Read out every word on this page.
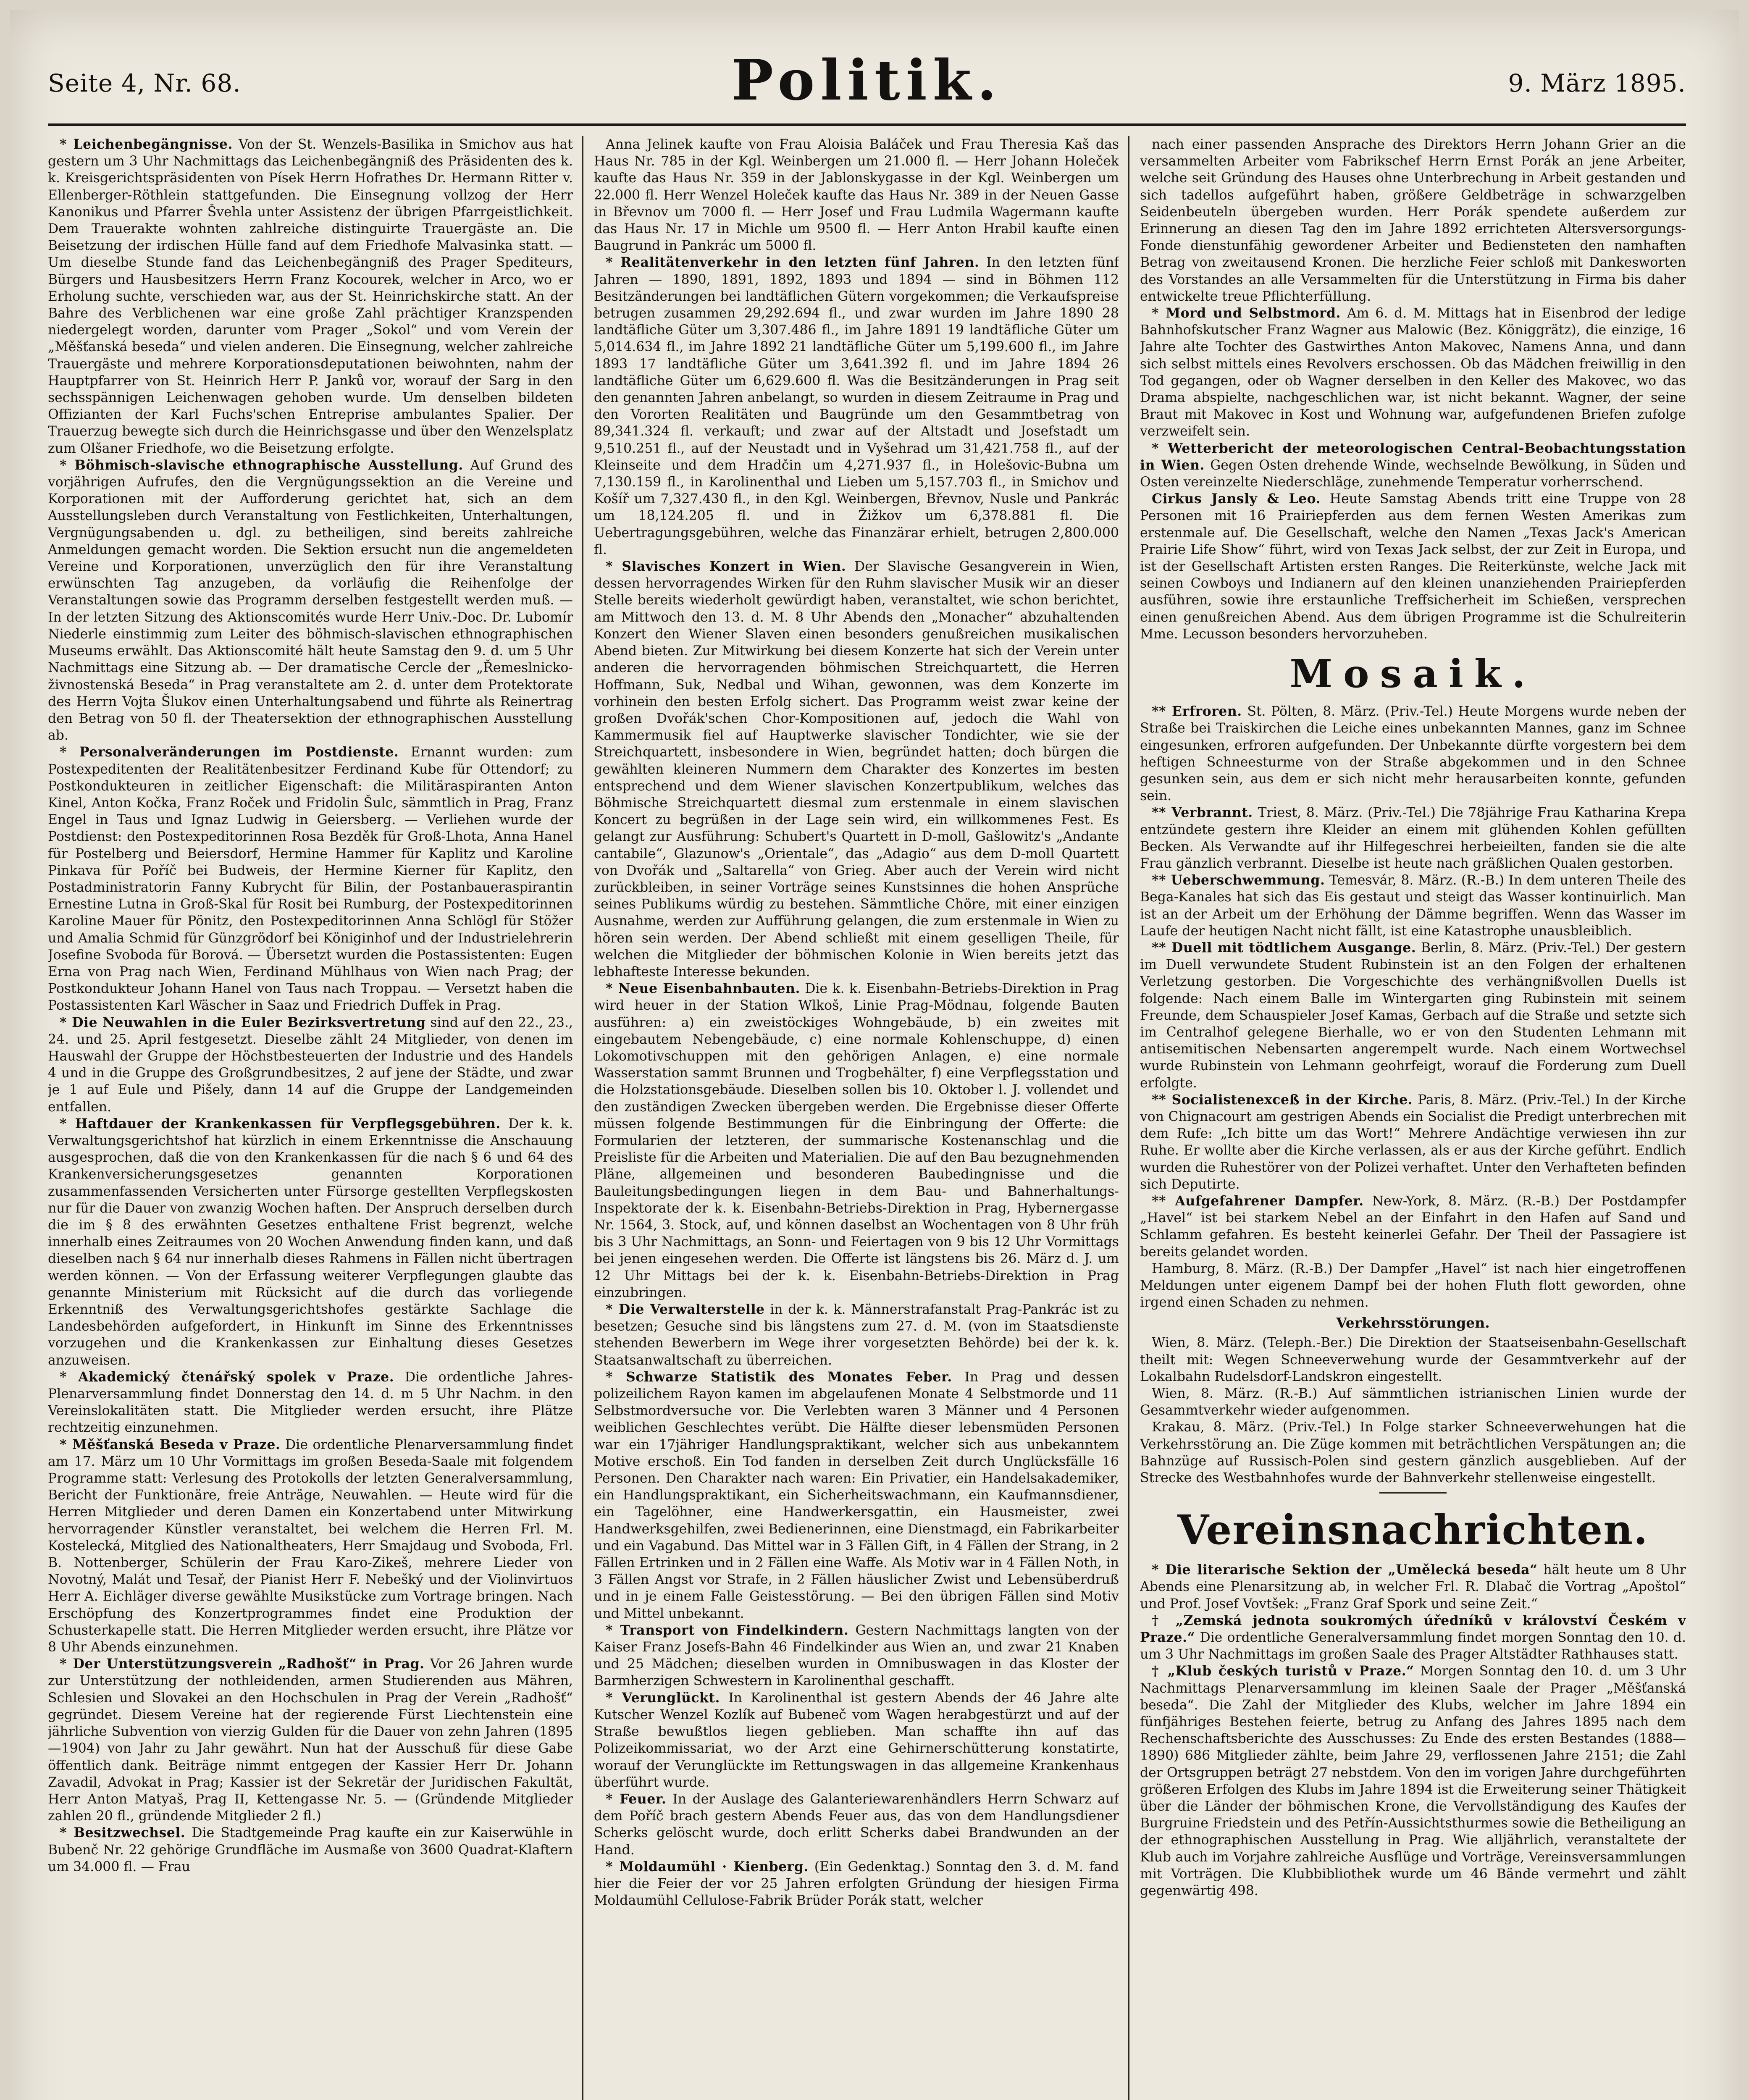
Seite 4, Nr. 68.	Politik.	9. März 1895.

* Leichenbegängnisse. Von der St. Wenzels-Basilika in Smichov aus hat gestern um 3 Uhr Nachmittags das Leichenbegängniß des Präsidenten des k. k. Kreisgerichtspräsidenten von Písek Herrn Hofrathes Dr. Hermann Ritter v. Ellenberger-Röthlein stattgefunden. Die Einsegnung vollzog der Herr Kanonikus und Pfarrer Švehla unter Assistenz der übrigen Pfarrgeistlichkeit. Dem Trauerakte wohnten zahlreiche distinguirte Trauergäste an. Die Beisetzung der irdischen Hülle fand auf dem Friedhofe Malvasinka statt. — Um dieselbe Stunde fand das Leichenbegängniß des Prager Spediteurs, Bürgers und Hausbesitzers Herrn Franz Kocourek, welcher in Arco, wo er Erholung suchte, verschieden war, aus der St. Heinrichskirche statt. An der Bahre des Verblichenen war eine große Zahl prächtiger Kranzspenden niedergelegt worden, darunter vom Prager „Sokol“ und vom Verein der „Měšťanská beseda“ und vielen anderen. Die Einsegnung, welcher zahlreiche Trauergäste und mehrere Korporationsdeputationen beiwohnten, nahm der Hauptpfarrer von St. Heinrich Herr P. Janků vor, worauf der Sarg in den sechsspännigen Leichenwagen gehoben wurde. Um denselben bildeten Offizianten der Karl Fuchs'schen Entreprise ambulantes Spalier. Der Trauerzug bewegte sich durch die Heinrichsgasse und über den Wenzelsplatz zum Olšaner Friedhofe, wo die Beisetzung erfolgte.

* Böhmisch-slavische ethnographische Ausstellung. Auf Grund des vorjährigen Aufrufes, den die Vergnügungssektion an die Vereine und Korporationen mit der Aufforderung gerichtet hat, sich an dem Ausstellungsleben durch Veranstaltung von Festlichkeiten, Unterhaltungen, Vergnügungsabenden u. dgl. zu betheiligen, sind bereits zahlreiche Anmeldungen gemacht worden. Die Sektion ersucht nun die angemeldeten Vereine und Korporationen, unverzüglich den für ihre Veranstaltung erwünschten Tag anzugeben, da vorläufig die Reihenfolge der Veranstaltungen sowie das Programm derselben festgestellt werden muß. — In der letzten Sitzung des Aktionscomités wurde Herr Univ.-Doc. Dr. Lubomír Niederle einstimmig zum Leiter des böhmisch-slavischen ethnographischen Museums erwählt. Das Aktionscomité hält heute Samstag den 9. d. um 5 Uhr Nachmittags eine Sitzung ab. — Der dramatische Cercle der „Řemeslnicko-živnostenská Beseda“ in Prag veranstaltete am 2. d. unter dem Protektorate des Herrn Vojta Šlukov einen Unterhaltungsabend und führte als Reinertrag den Betrag von 50 fl. der Theatersektion der ethnographischen Ausstellung ab.

* Personalveränderungen im Postdienste. Ernannt wurden: zum Postexpeditenten der Realitätenbesitzer Ferdinand Kube für Ottendorf; zu Postkondukteuren in zeitlicher Eigenschaft: die Militäraspiranten Anton Kinel, Anton Kočka, Franz Roček und Fridolin Šulc, sämmtlich in Prag, Franz Engel in Taus und Ignaz Ludwig in Geiersberg. — Verliehen wurde der Postdienst: den Postexpeditorinnen Rosa Bezděk für Groß-Lhota, Anna Hanel für Postelberg und Beiersdorf, Hermine Hammer für Kaplitz und Karoline Pinkava für Poříč bei Budweis, der Hermine Kierner für Kaplitz, den Postadministratorin Fanny Kubrycht für Bilin, der Postanbaueraspirantin Ernestine Lutna in Groß-Skal für Rosit bei Rumburg, der Postexpeditorinnen Karoline Mauer für Pönitz, den Postexpeditorinnen Anna Schlögl für Stöžer und Amalia Schmid für Günzgrödorf bei Königinhof und der Industrielehrerin Josefine Svoboda für Borová. — Übersetzt wurden die Postassistenten: Eugen Erna von Prag nach Wien, Ferdinand Mühlhaus von Wien nach Prag; der Postkondukteur Johann Hanel von Taus nach Troppau. — Versetzt haben die Postassistenten Karl Wäscher in Saaz und Friedrich Duffek in Prag.

* Die Neuwahlen in die Euler Bezirksvertretung sind auf den 22., 23., 24. und 25. April festgesetzt. Dieselbe zählt 24 Mitglieder, von denen im Hauswahl der Gruppe der Höchstbesteuerten der Industrie und des Handels 4 und in die Gruppe des Großgrundbesitzes, 2 auf jene der Städte, und zwar je 1 auf Eule und Pišely, dann 14 auf die Gruppe der Landgemeinden entfallen.

* Haftdauer der Krankenkassen für Verpflegsgebühren. Der k. k. Verwaltungsgerichtshof hat kürzlich in einem Erkenntnisse die Anschauung ausgesprochen, daß die von den Krankenkassen für die nach § 6 und 64 des Krankenversicherungsgesetzes genannten Korporationen zusammenfassenden Versicherten unter Fürsorge gestellten Verpflegskosten nur für die Dauer von zwanzig Wochen haften. Der Anspruch derselben durch die im § 8 des erwähnten Gesetzes enthaltene Frist begrenzt, welche innerhalb eines Zeitraumes von 20 Wochen Anwendung finden kann, und daß dieselben nach § 64 nur innerhalb dieses Rahmens in Fällen nicht übertragen werden können. — Von der Erfassung weiterer Verpflegungen glaubte das genannte Ministerium mit Rücksicht auf die durch das vorliegende Erkenntniß des Verwaltungsgerichtshofes gestärkte Sachlage die Landesbehörden aufgefordert, in Hinkunft im Sinne des Erkenntnisses vorzugehen und die Krankenkassen zur Einhaltung dieses Gesetzes anzuweisen.

* Akademický čtenářský spolek v Praze. Die ordentliche Jahres-Plenarversammlung findet Donnerstag den 14. d. m 5 Uhr Nachm. in den Vereinslokalitäten statt. Die Mitglieder werden ersucht, ihre Plätze rechtzeitig einzunehmen.

* Měšťanská Beseda v Praze. Die ordentliche Plenarversammlung findet am 17. März um 10 Uhr Vormittags im großen Beseda-Saale mit folgendem Programme statt: Verlesung des Protokolls der letzten Generalversammlung, Bericht der Funktionäre, freie Anträge, Neuwahlen. — Heute wird für die Herren Mitglieder und deren Damen ein Konzertabend unter Mitwirkung hervorragender Künstler veranstaltet, bei welchem die Herren Frl. M. Kostelecká, Mitglied des Nationaltheaters, Herr Smajdaug und Svoboda, Frl. B. Nottenberger, Schülerin der Frau Karo-Zikeš, mehrere Lieder von Novotný, Malát und Tesař, der Pianist Herr F. Nebešký und der Violinvirtuos Herr A. Eichläger diverse gewählte Musikstücke zum Vortrage bringen. Nach Erschöpfung des Konzertprogrammes findet eine Produktion der Schusterkapelle statt. Die Herren Mitglieder werden ersucht, ihre Plätze vor 8 Uhr Abends einzunehmen.

* Der Unterstützungsverein „Radhošť“ in Prag. Vor 26 Jahren wurde zur Unterstützung der nothleidenden, armen Studierenden aus Mähren, Schlesien und Slovakei an den Hochschulen in Prag der Verein „Radhošť“ gegründet. Diesem Vereine hat der regierende Fürst Liechtenstein eine jährliche Subvention von vierzig Gulden für die Dauer von zehn Jahren (1895—1904) von Jahr zu Jahr gewährt. Nun hat der Ausschuß für diese Gabe öffentlich dank. Beiträge nimmt entgegen der Kassier Herr Dr. Johann Zavadil, Advokat in Prag; Kassier ist der Sekretär der Juridischen Fakultät, Herr Anton Matyaš, Prag II, Kettengasse Nr. 5. — (Gründende Mitglieder zahlen 20 fl., gründende Mitglieder 2 fl.)

* Besitzwechsel. Die Stadtgemeinde Prag kaufte ein zur Kaiserwühle in Bubenč Nr. 22 gehörige Grundfläche im Ausmaße von 3600 Quadrat-Klaftern um 34.000 fl. — Frau

Anna Jelinek kaufte von Frau Aloisia Baláček und Frau Theresia Kaš das Haus Nr. 785 in der Kgl. Weinbergen um 21.000 fl. — Herr Johann Holeček kaufte das Haus Nr. 359 in der Jablonskygasse in der Kgl. Weinbergen um 22.000 fl. Herr Wenzel Holeček kaufte das Haus Nr. 389 in der Neuen Gasse in Břevnov um 7000 fl. — Herr Josef und Frau Ludmila Wagermann kaufte das Haus Nr. 17 in Michle um 9500 fl. — Herr Anton Hrabil kaufte einen Baugrund in Pankrác um 5000 fl.

* Realitätenverkehr in den letzten fünf Jahren. In den letzten fünf Jahren — 1890, 1891, 1892, 1893 und 1894 — sind in Böhmen 112 Besitzänderungen bei landtäflichen Gütern vorgekommen; die Verkaufspreise betrugen zusammen 29,292.694 fl., und zwar wurden im Jahre 1890 28 landtäfliche Güter um 3,307.486 fl., im Jahre 1891 19 landtäfliche Güter um 5,014.634 fl., im Jahre 1892 21 landtäfliche Güter um 5,199.600 fl., im Jahre 1893 17 landtäfliche Güter um 3,641.392 fl. und im Jahre 1894 26 landtäfliche Güter um 6,629.600 fl. Was die Besitzänderungen in Prag seit den genannten Jahren anbelangt, so wurden in diesem Zeitraume in Prag und den Vororten Realitäten und Baugründe um den Gesammtbetrag von 89,341.324 fl. verkauft; und zwar auf der Altstadt und Josefstadt um 9,510.251 fl., auf der Neustadt und in Vyšehrad um 31,421.758 fl., auf der Kleinseite und dem Hradčin um 4,271.937 fl., in Holešovic-Bubna um 7,130.159 fl., in Karolinenthal und Lieben um 5,157.703 fl., in Smichov und Košíř um 7,327.430 fl., in den Kgl. Weinbergen, Břevnov, Nusle und Pankrác um 18,124.205 fl. und in Žižkov um 6,378.881 fl. Die Uebertragungsgebühren, welche das Finanzärar erhielt, betrugen 2,800.000 fl.

* Slavisches Konzert in Wien. Der Slavische Gesangverein in Wien, dessen hervorragendes Wirken für den Ruhm slavischer Musik wir an dieser Stelle bereits wiederholt gewürdigt haben, veranstaltet, wie schon berichtet, am Mittwoch den 13. d. M. 8 Uhr Abends den „Monacher“ abzuhaltenden Konzert den Wiener Slaven einen besonders genußreichen musikalischen Abend bieten. Zur Mitwirkung bei diesem Konzerte hat sich der Verein unter anderen die hervorragenden böhmischen Streichquartett, die Herren Hoffmann, Suk, Nedbal und Wihan, gewonnen, was dem Konzerte im vorhinein den besten Erfolg sichert. Das Programm weist zwar keine der großen Dvořák'schen Chor-Kompositionen auf, jedoch die Wahl von Kammermusik fiel auf Hauptwerke slavischer Tondichter, wie sie der Streichquartett, insbesondere in Wien, begründet hatten; doch bürgen die gewählten kleineren Nummern dem Charakter des Konzertes im besten entsprechend und dem Wiener slavischen Konzertpublikum, welches das Böhmische Streichquartett diesmal zum erstenmale in einem slavischen Koncert zu begrüßen in der Lage sein wird, ein willkommenes Fest. Es gelangt zur Ausführung: Schubert's Quartett in D-moll, Gašlowitz's „Andante cantabile“, Glazunow's „Orientale“, das „Adagio“ aus dem D-moll Quartett von Dvořák und „Saltarella“ von Grieg. Aber auch der Verein wird nicht zurückbleiben, in seiner Vorträge seines Kunstsinnes die hohen Ansprüche seines Publikums würdig zu bestehen. Sämmtliche Chöre, mit einer einzigen Ausnahme, werden zur Aufführung gelangen, die zum erstenmale in Wien zu hören sein werden. Der Abend schließt mit einem geselligen Theile, für welchen die Mitglieder der böhmischen Kolonie in Wien bereits jetzt das lebhafteste Interesse bekunden.

* Neue Eisenbahnbauten. Die k. k. Eisenbahn-Betriebs-Direktion in Prag wird heuer in der Station Wlkoš, Linie Prag-Mödnau, folgende Bauten ausführen: a) ein zweistöckiges Wohngebäude, b) ein zweites mit eingebautem Nebengebäude, c) eine normale Kohlenschuppe, d) einen Lokomotivschuppen mit den gehörigen Anlagen, e) eine normale Wasserstation sammt Brunnen und Trogbehälter, f) eine Verpflegsstation und die Holzstationsgebäude. Dieselben sollen bis 10. Oktober l. J. vollendet und den zuständigen Zwecken übergeben werden. Die Ergebnisse dieser Offerte müssen folgende Bestimmungen für die Einbringung der Offerte: die Formularien der letzteren, der summarische Kostenanschlag und die Preisliste für die Arbeiten und Materialien. Die auf den Bau bezugnehmenden Pläne, allgemeinen und besonderen Baubedingnisse und die Bauleitungsbedingungen liegen in dem Bau- und Bahnerhaltungs-Inspektorate der k. k. Eisenbahn-Betriebs-Direktion in Prag, Hybernergasse Nr. 1564, 3. Stock, auf, und können daselbst an Wochentagen von 8 Uhr früh bis 3 Uhr Nachmittags, an Sonn- und Feiertagen von 9 bis 12 Uhr Vormittags bei jenen eingesehen werden. Die Offerte ist längstens bis 26. März d. J. um 12 Uhr Mittags bei der k. k. Eisenbahn-Betriebs-Direktion in Prag einzubringen.

* Die Verwalterstelle in der k. k. Männerstrafanstalt Prag-Pankrác ist zu besetzen; Gesuche sind bis längstens zum 27. d. M. (von im Staatsdienste stehenden Bewerbern im Wege ihrer vorgesetzten Behörde) bei der k. k. Staatsanwaltschaft zu überreichen.

* Schwarze Statistik des Monates Feber. In Prag und dessen polizeilichem Rayon kamen im abgelaufenen Monate 4 Selbstmorde und 11 Selbstmordversuche vor. Die Verlebten waren 3 Männer und 4 Personen weiblichen Geschlechtes verübt. Die Hälfte dieser lebensmüden Personen war ein 17jähriger Handlungspraktikant, welcher sich aus unbekanntem Motive erschoß. Ein Tod fanden in derselben Zeit durch Unglücksfälle 16 Personen. Den Charakter nach waren: Ein Privatier, ein Handelsakademiker, ein Handlungspraktikant, ein Sicherheitswachmann, ein Kaufmannsdiener, ein Tagelöhner, eine Handwerkersgattin, ein Hausmeister, zwei Handwerksgehilfen, zwei Bedienerinnen, eine Dienstmagd, ein Fabrikarbeiter und ein Vagabund. Das Mittel war in 3 Fällen Gift, in 4 Fällen der Strang, in 2 Fällen Ertrinken und in 2 Fällen eine Waffe. Als Motiv war in 4 Fällen Noth, in 3 Fällen Angst vor Strafe, in 2 Fällen häuslicher Zwist und Lebensüberdruß und in je einem Falle Geistesstörung. — Bei den übrigen Fällen sind Motiv und Mittel unbekannt.

* Transport von Findelkindern. Gestern Nachmittags langten von der Kaiser Franz Josefs-Bahn 46 Findelkinder aus Wien an, und zwar 21 Knaben und 25 Mädchen; dieselben wurden in Omnibuswagen in das Kloster der Barmherzigen Schwestern in Karolinenthal geschafft.

* Verunglückt. In Karolinenthal ist gestern Abends der 46 Jahre alte Kutscher Wenzel Kozlík auf Bubeneč vom Wagen herabgestürzt und auf der Straße bewußtlos liegen geblieben. Man schaffte ihn auf das Polizeikommissariat, wo der Arzt eine Gehirnerschütterung konstatirte, worauf der Verunglückte im Rettungswagen in das allgemeine Krankenhaus überführt wurde.

* Feuer. In der Auslage des Galanteriewarenhändlers Herrn Schwarz auf dem Poříč brach gestern Abends Feuer aus, das von dem Handlungsdiener Scherks gelöscht wurde, doch erlitt Scherks dabei Brandwunden an der Hand.

* Moldaumühl · Kienberg. (Ein Gedenktag.) Sonntag den 3. d. M. fand hier die Feier der vor 25 Jahren erfolgten Gründung der hiesigen Firma Moldaumühl Cellulose-Fabrik Brüder Porák statt, welcher

nach einer passenden Ansprache des Direktors Herrn Johann Grier an die versammelten Arbeiter vom Fabrikschef Herrn Ernst Porák an jene Arbeiter, welche seit Gründung des Hauses ohne Unterbrechung in Arbeit gestanden und sich tadellos aufgeführt haben, größere Geldbeträge in schwarzgelben Seidenbeuteln übergeben wurden. Herr Porák spendete außerdem zur Erinnerung an diesen Tag den im Jahre 1892 errichteten Altersversorgungs-Fonde dienstunfähig gewordener Arbeiter und Bediensteten den namhaften Betrag von zweitausend Kronen. Die herzliche Feier schloß mit Dankesworten des Vorstandes an alle Versammelten für die Unterstützung in Firma bis daher entwickelte treue Pflichterfüllung.

* Mord und Selbstmord. Am 6. d. M. Mittags hat in Eisenbrod der ledige Bahnhofskutscher Franz Wagner aus Malowic (Bez. Königgrätz), die einzige, 16 Jahre alte Tochter des Gastwirthes Anton Makovec, Namens Anna, und dann sich selbst mittels eines Revolvers erschossen. Ob das Mädchen freiwillig in den Tod gegangen, oder ob Wagner derselben in den Keller des Makovec, wo das Drama abspielte, nachgeschlichen war, ist nicht bekannt. Wagner, der seine Braut mit Makovec in Kost und Wohnung war, aufgefundenen Briefen zufolge verzweifelt sein.

* Wetterbericht der meteorologischen Central-Beobachtungsstation in Wien. Gegen Osten drehende Winde, wechselnde Bewölkung, in Süden und Osten vereinzelte Niederschläge, zunehmende Temperatur vorherrschend.

Cirkus Jansly & Leo. Heute Samstag Abends tritt eine Truppe von 28 Personen mit 16 Prairiepferden aus dem fernen Westen Amerikas zum erstenmale auf. Die Gesellschaft, welche den Namen „Texas Jack's American Prairie Life Show“ führt, wird von Texas Jack selbst, der zur Zeit in Europa, und ist der Gesellschaft Artisten ersten Ranges. Die Reiterkünste, welche Jack mit seinen Cowboys und Indianern auf den kleinen unanziehenden Prairiepferden ausführen, sowie ihre erstaunliche Treffsicherheit im Schießen, versprechen einen genußreichen Abend. Aus dem übrigen Programme ist die Schulreiterin Mme. Lecusson besonders hervorzuheben.

Mosaik.

** Erfroren. St. Pölten, 8. März. (Priv.-Tel.) Heute Morgens wurde neben der Straße bei Traiskirchen die Leiche eines unbekannten Mannes, ganz im Schnee eingesunken, erfroren aufgefunden. Der Unbekannte dürfte vorgestern bei dem heftigen Schneesturme von der Straße abgekommen und in den Schnee gesunken sein, aus dem er sich nicht mehr herausarbeiten konnte, gefunden sein.

** Verbrannt. Triest, 8. März. (Priv.-Tel.) Die 78jährige Frau Katharina Krepa entzündete gestern ihre Kleider an einem mit glühenden Kohlen gefüllten Becken. Als Verwandte auf ihr Hilfegeschrei herbeieilten, fanden sie die alte Frau gänzlich verbrannt. Dieselbe ist heute nach gräßlichen Qualen gestorben.

** Ueberschwemmung. Temesvár, 8. März. (R.-B.) In dem unteren Theile des Bega-Kanales hat sich das Eis gestaut und steigt das Wasser kontinuirlich. Man ist an der Arbeit um der Erhöhung der Dämme begriffen. Wenn das Wasser im Laufe der heutigen Nacht nicht fällt, ist eine Katastrophe unausbleiblich.

** Duell mit tödtlichem Ausgange. Berlin, 8. März. (Priv.-Tel.) Der gestern im Duell verwundete Student Rubinstein ist an den Folgen der erhaltenen Verletzung gestorben. Die Vorgeschichte des verhängnißvollen Duells ist folgende: Nach einem Balle im Wintergarten ging Rubinstein mit seinem Freunde, dem Schauspieler Josef Kamas, Gerbach auf die Straße und setzte sich im Centralhof gelegene Bierhalle, wo er von den Studenten Lehmann mit antisemitischen Nebensarten angerempelt wurde. Nach einem Wortwechsel wurde Rubinstein von Lehmann geohrfeigt, worauf die Forderung zum Duell erfolgte.

** Socialistenexceß in der Kirche. Paris, 8. März. (Priv.-Tel.) In der Kirche von Chignacourt am gestrigen Abends ein Socialist die Predigt unterbrechen mit dem Rufe: „Ich bitte um das Wort!“ Mehrere Andächtige verwiesen ihn zur Ruhe. Er wollte aber die Kirche verlassen, als er aus der Kirche geführt. Endlich wurden die Ruhestörer von der Polizei verhaftet. Unter den Verhafteten befinden sich Deputirte.

** Aufgefahrener Dampfer. New-York, 8. März. (R.-B.) Der Postdampfer „Havel“ ist bei starkem Nebel an der Einfahrt in den Hafen auf Sand und Schlamm gefahren. Es besteht keinerlei Gefahr. Der Theil der Passagiere ist bereits gelandet worden.

Hamburg, 8. März. (R.-B.) Der Dampfer „Havel“ ist nach hier eingetroffenen Meldungen unter eigenem Dampf bei der hohen Fluth flott geworden, ohne irgend einen Schaden zu nehmen.

Verkehrsstörungen.

Wien, 8. März. (Teleph.-Ber.) Die Direktion der Staatseisenbahn-Gesellschaft theilt mit: Wegen Schneeverwehung wurde der Gesammtverkehr auf der Lokalbahn Rudelsdorf-Landskron eingestellt.

Wien, 8. März. (R.-B.) Auf sämmtlichen istrianischen Linien wurde der Gesammtverkehr wieder aufgenommen.

Krakau, 8. März. (Priv.-Tel.) In Folge starker Schneeverwehungen hat die Verkehrsstörung an. Die Züge kommen mit beträchtlichen Verspätungen an; die Bahnzüge auf Russisch-Polen sind gestern gänzlich ausgeblieben. Auf der Strecke des Westbahnhofes wurde der Bahnverkehr stellenweise eingestellt.

Vereinsnachrichten.

* Die literarische Sektion der „Umělecká beseda“ hält heute um 8 Uhr Abends eine Plenarsitzung ab, in welcher Frl. R. Dlabač die Vortrag „Apoštol“ und Prof. Josef Vovtšek: „Franz Graf Spork und seine Zeit.“

† „Zemská jednota soukromých úředníků v království Českém v Praze.“ Die ordentliche Generalversammlung findet morgen Sonntag den 10. d. um 3 Uhr Nachmittags im großen Saale des Prager Altstädter Rathhauses statt.

† „Klub českých turistů v Praze.“ Morgen Sonntag den 10. d. um 3 Uhr Nachmittags Plenarversammlung im kleinen Saale der Prager „Měšťanská beseda“. Die Zahl der Mitglieder des Klubs, welcher im Jahre 1894 ein fünfjähriges Bestehen feierte, betrug zu Anfang des Jahres 1895 nach dem Rechenschaftsberichte des Ausschusses: Zu Ende des ersten Bestandes (1888—1890) 686 Mitglieder zählte, beim Jahre 29, verflossenen Jahre 2151; die Zahl der Ortsgruppen beträgt 27 nebstdem. Von den im vorigen Jahre durchgeführten größeren Erfolgen des Klubs im Jahre 1894 ist die Erweiterung seiner Thätigkeit über die Länder der böhmischen Krone, die Vervollständigung des Kaufes der Burgruine Friedstein und des Petřín-Aussichtsthurmes sowie die Betheiligung an der ethnographischen Ausstellung in Prag. Wie alljährlich, veranstaltete der Klub auch im Vorjahre zahlreiche Ausflüge und Vorträge, Vereinsversammlungen mit Vorträgen. Die Klubbibliothek wurde um 46 Bände vermehrt und zählt gegenwärtig 498.
